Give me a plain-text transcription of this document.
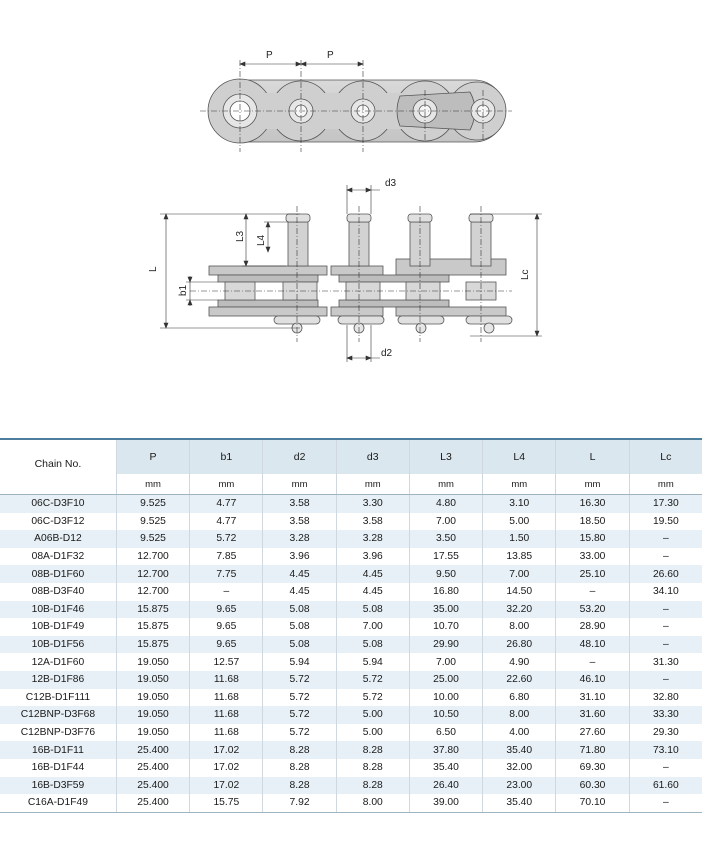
P	P
d3
d2
L
L3 L4
b1
Lc
Chain No.	P	b1	d2	d3	L3	L4	L	Lc
	mm	mm	mm	mm	mm	mm	mm	mm
06C-D3F10	9.525	4.77	3.58	3.30	4.80	3.10	16.30	17.30
06C-D3F12	9.525	4.77	3.58	3.58	7.00	5.00	18.50	19.50
A06B-D12	9.525	5.72	3.28	3.28	3.50	1.50	15.80	–
08A-D1F32	12.700	7.85	3.96	3.96	17.55	13.85	33.00	–
08B-D1F60	12.700	7.75	4.45	4.45	9.50	7.00	25.10	26.60
08B-D3F40	12.700	–	4.45	4.45	16.80	14.50	–	34.10
10B-D1F46	15.875	9.65	5.08	5.08	35.00	32.20	53.20	–
10B-D1F49	15.875	9.65	5.08	7.00	10.70	8.00	28.90	–
10B-D1F56	15.875	9.65	5.08	5.08	29.90	26.80	48.10	–
12A-D1F60	19.050	12.57	5.94	5.94	7.00	4.90	–	31.30
12B-D1F86	19.050	11.68	5.72	5.72	25.00	22.60	46.10	–
C12B-D1F111	19.050	11.68	5.72	5.72	10.00	6.80	31.10	32.80
C12BNP-D3F68	19.050	11.68	5.72	5.00	10.50	8.00	31.60	33.30
C12BNP-D3F76	19.050	11.68	5.72	5.00	6.50	4.00	27.60	29.30
16B-D1F11	25.400	17.02	8.28	8.28	37.80	35.40	71.80	73.10
16B-D1F44	25.400	17.02	8.28	8.28	35.40	32.00	69.30	–
16B-D3F59	25.400	17.02	8.28	8.28	26.40	23.00	60.30	61.60
C16A-D1F49	25.400	15.75	7.92	8.00	39.00	35.40	70.10	–
